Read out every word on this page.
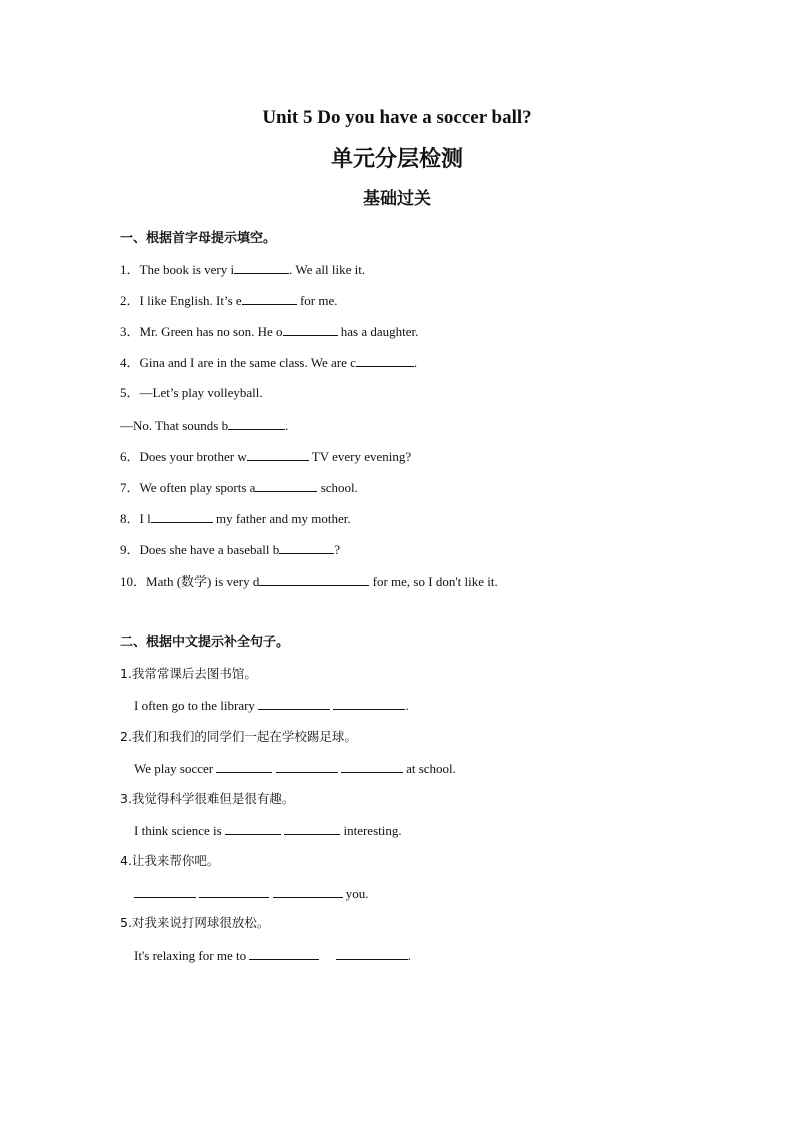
Unit 5 Do you have a soccer ball?
单元分层检测
基础过关
一、根据首字母提示填空。
1．The book is very i	. We all like it.
2．I like English. It’s e	for me.
3．Mr. Green has no son. He o	has a daughter.
4．Gina and I are in the same class. We are c	.
5．—Let’s play volleyball.
—No. That sounds b	.
6．Does your brother w	TV every evening?
7．We often play sports a	school.
8．I l	my father and my mother.
9．Does she have a baseball b	?
10．Math (数学) is very d	for me, so I don't like it.
二、根据中文提示补全句子。
1.我常常课后去图书馆。
I often go to the library	.
2.我们和我们的同学们一起在学校踢足球。
We play soccer	at school.
3.我觉得科学很难但是很有趣。
I think science is	interesting.
4.让我来帮你吧。
you.
5.对我来说打网球很放松。
It's relaxing for me to	.
